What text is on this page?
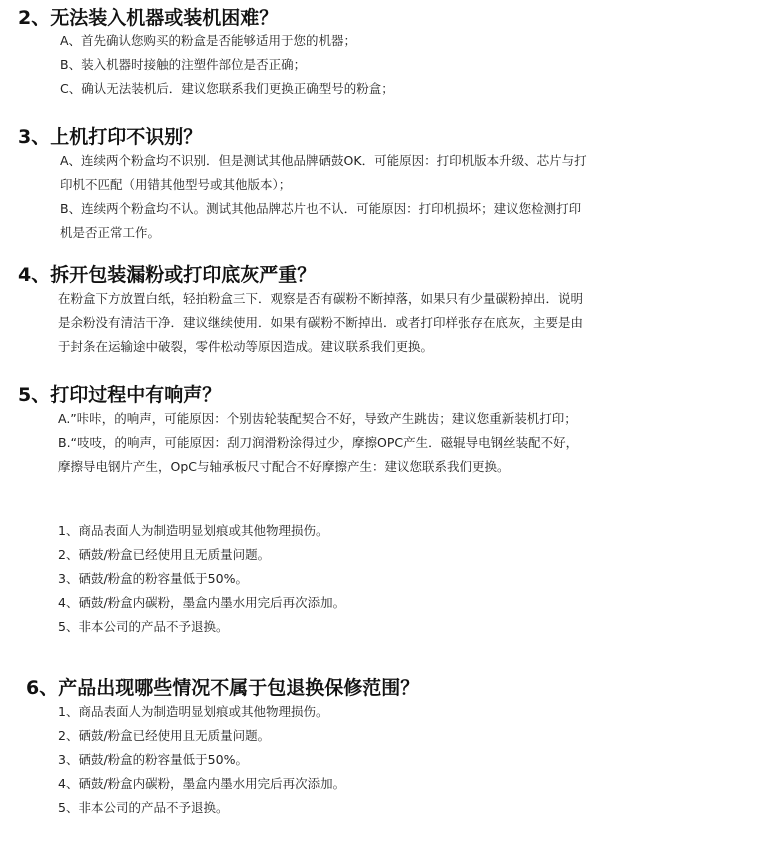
2、无法装入机器或装机困难？
A、首先确认您购买的粉盒是否能够适用于您的机器；
B、装入机器时接触的注塑件部位是否正确；
C、确认无法装机后．建议您联系我们更换正确型号的粉盒；
3、上机打印不识别？
A、连续两个粉盒均不识别．但是测试其他品牌硒鼓OK．可能原因：打印机版本升级、芯片与打
印机不匹配（用错其他型号或其他版本）；
B、连续两个粉盒均不认。测试其他品牌芯片也不认．可能原因：打印机损坏；建议您检测打印
机是否正常工作。
4、拆开包装漏粉或打印底灰严重？
在粉盒下方放置白纸，轻拍粉盒三下．观察是否有碳粉不断掉落，如果只有少量碳粉掉出．说明
是余粉没有清洁干净．建议继续使用．如果有碳粉不断掉出．或者打印样张存在底灰，主要是由
于封条在运输途中破裂，零件松动等原因造成。建议联系我们更换。
5、打印过程中有响声？
A.”咔咔，的响声，可能原因：个别齿轮装配契合不好，导致产生跳齿；建议您重新装机打印；
B.“吱吱，的响声，可能原因：刮刀润滑粉涂得过少，摩擦OPC产生．磁辊导电钢丝装配不好，
摩擦导电钢片产生，OpC与轴承板尺寸配合不好摩擦产生：建议您联系我们更换。
1、商品表面人为制造明显划痕或其他物理损伤。
2、硒鼓/粉盒已经使用且无质量问题。
3、硒鼓/粉盒的粉容量低于50%。
4、硒鼓/粉盒内碳粉，墨盒内墨水用完后再次添加。
5、非本公司的产品不予退换。
6、产品出现哪些情况不属于包退换保修范围？
1、商品表面人为制造明显划痕或其他物理损伤。
2、硒鼓/粉盒已经使用且无质量问题。
3、硒鼓/粉盒的粉容量低于50%。
4、硒鼓/粉盒内碳粉，墨盒内墨水用完后再次添加。
5、非本公司的产品不予退换。
